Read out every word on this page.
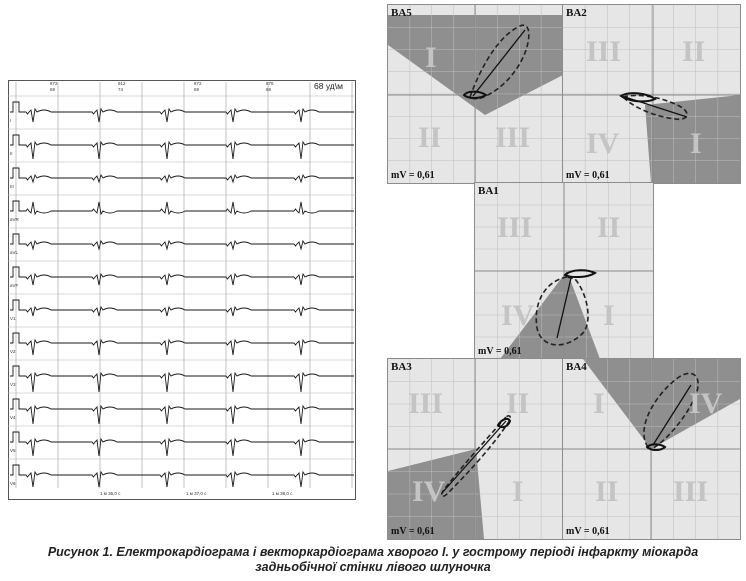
I
II
III
aVR
aVL
aVF
V1
V2
V3
V4
V5
V6
872
69
912
74
872
69
876
68	68 уд\м
1 м 36,0 с	1 м 37,0 с	1 м 38,0 с
I
II III
BA5
mV = 0,61
III II
IV I
BA2
mV = 0,61
III II
IV I
BA1
mV = 0,61
III II
IV I
BA3
mV = 0,61
I	IV
II III
BA4
mV = 0,61
Рисунок 1. Електрокардіограма і векторкардіограма хворого І. у гострому періоді інфаркту міокарда
задньобічної стінки лівого шлуночка
